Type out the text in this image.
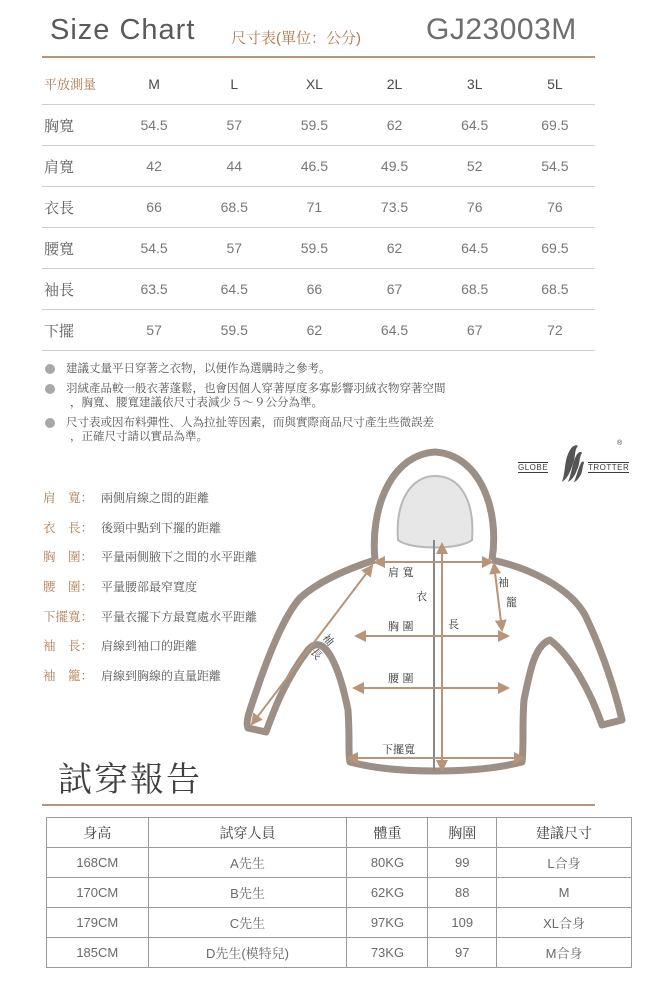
Size Chart 尺寸表(單位：公分) GJ23003M
平放測量	M	L	XL	2L	3L	5L
胸寬	54.5	57	59.5	62	64.5	69.5
肩寬	42	44	46.5	49.5	52	54.5
衣長	66	68.5	71	73.5	76	76
腰寬	54.5	57	59.5	62	64.5	69.5
袖長	63.5	64.5	66	67	68.5	68.5
下擺	57	59.5	62	64.5	67	72
建議丈量平日穿著之衣物，以便作為選購時之參考。
羽絨產品較一般衣著蓬鬆，也會因個人穿著厚度多寡影響羽絨衣物穿著空間
，胸寬、腰寬建議依尺寸表減少５～９公分為準。
尺寸表或因布料彈性、人為拉扯等因素，而與實際商品尺寸產生些微誤差
，正確尺寸請以實品為準。
®
GLOBE	TROTTER
肩　寬： 兩側肩線之間的距離
衣　長： 後頸中點到下擺的距離
胸　圍： 平量兩側腋下之間的水平距離
腰　圍： 平量腰部最窄寬度
下擺寬： 平量衣擺下方最寬處水平距離
袖　長： 肩線到袖口的距離
袖　籠： 肩線到胸線的直量距離
肩 寬
衣
長
胸 圍
腰 圍
下擺寬
袖
籠
袖
長
試穿報告
身高	試穿人員	體重	胸圍	建議尺寸
168CM	A先生	80KG	99	L合身
170CM	B先生	62KG	88	M
179CM	C先生	97KG	109	XL合身
185CM	D先生(模特兒)	73KG	97	M合身
